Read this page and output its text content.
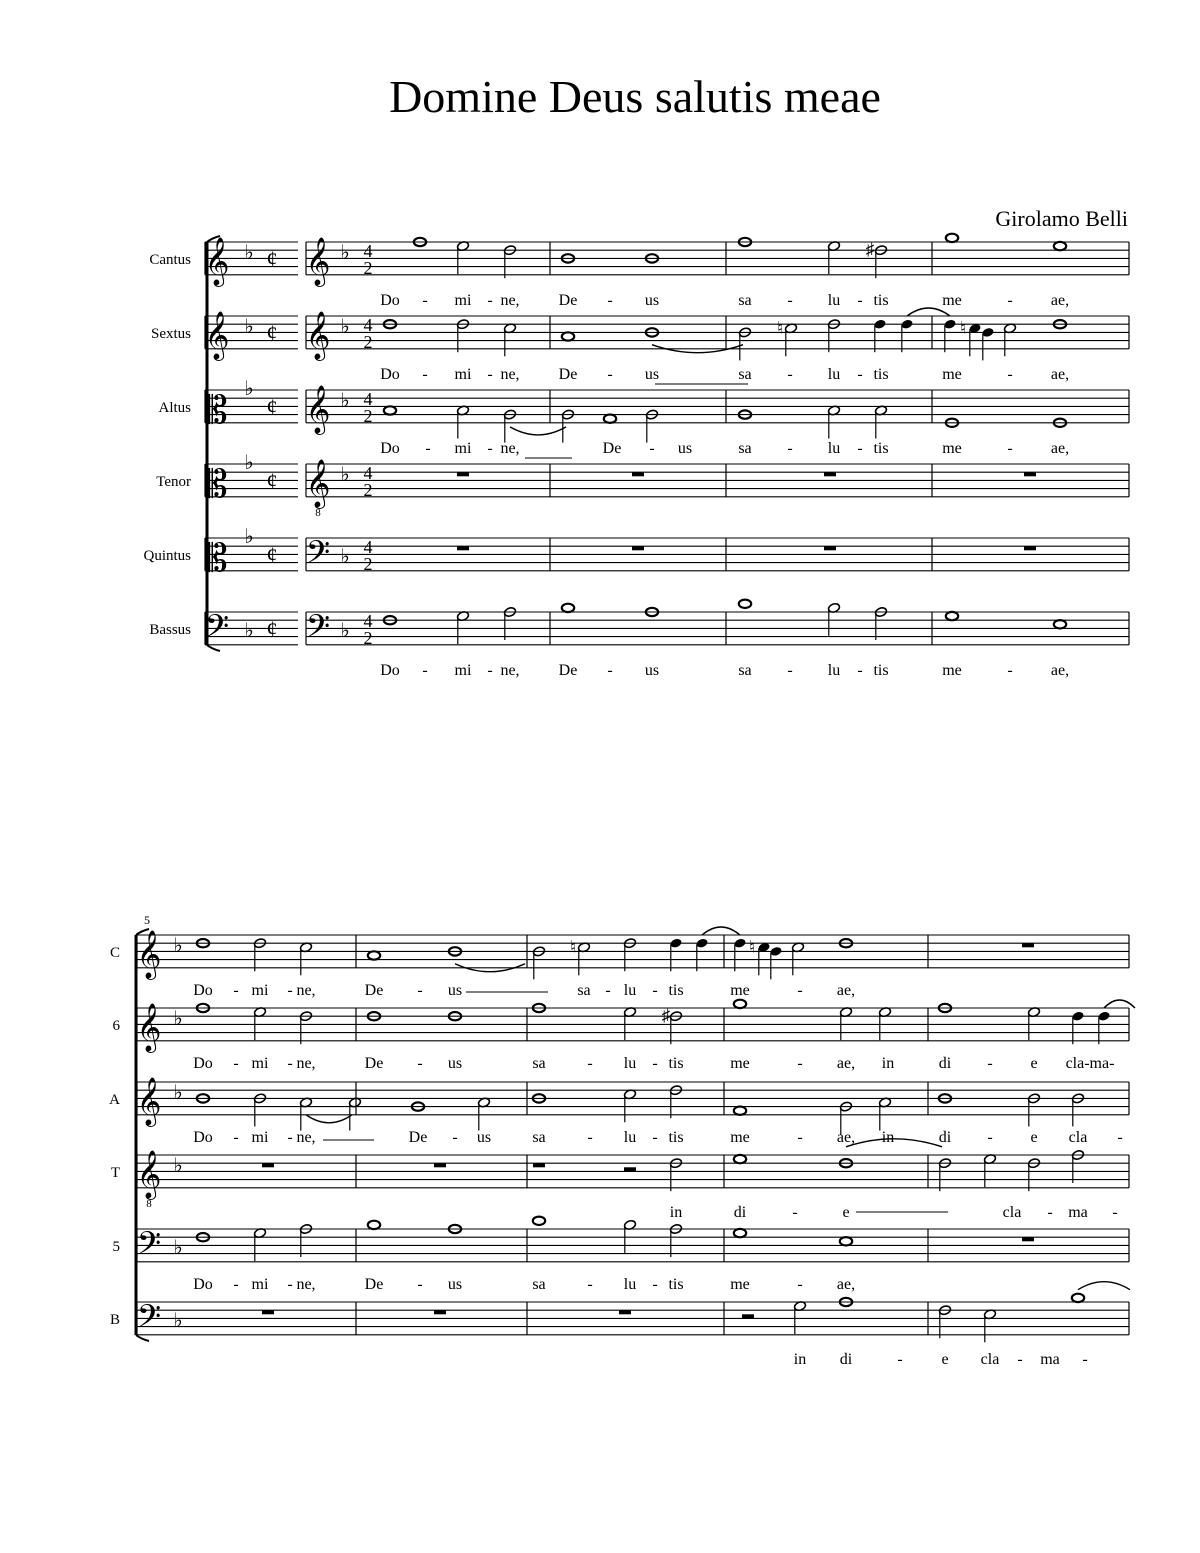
Domine Deus salutis meae
Girolamo Belli
Cantus 𝄞 ♭ ¢ 𝄞 ♭ 4
2
Sextus 𝄞 ♭ ¢ 𝄞 ♭ 4
2
Altus 𝄡
♭
¢ 𝄞 ♭ 4
2
Tenor 𝄡
♭
¢ 𝄞
8
♭ 4
2
Quintus 𝄡
♭
¢ 𝄢 ♭ 4
2
Bassus 𝄢 ♭ ¢ 𝄢 ♭ 4
2
♯
♮	♮
Do - mi - ne, De - us	sa - lu - tis	me	- ae,
Do - mi - ne, De - us	sa - lu - tis	me	- ae,
Do - mi - ne,	De - us	sa - lu - tis	me	- ae,
Do - mi - ne, De - us	sa - lu - tis	me	- ae,
5
C 𝄞 ♭
6 𝄞 ♭
A 𝄞 ♭
T 𝄞
8
♭
5 𝄢 ♭
B 𝄢 ♭
♮	♮
♯
Do - mi - ne,	De - us	sa - lu - tis	me	- ae,
Do - mi - ne,	De - us	sa	- lu - tis	me	- ae, in	di - e cla-ma-
Do - mi - ne,	De - us	sa	- lu - tis	me	- ae, in	di - e cla -
in	di	-	e	cla - ma -
Do - mi - ne,	De - us	sa	- lu - tis	me	- ae,
in di	- e cla - ma -
